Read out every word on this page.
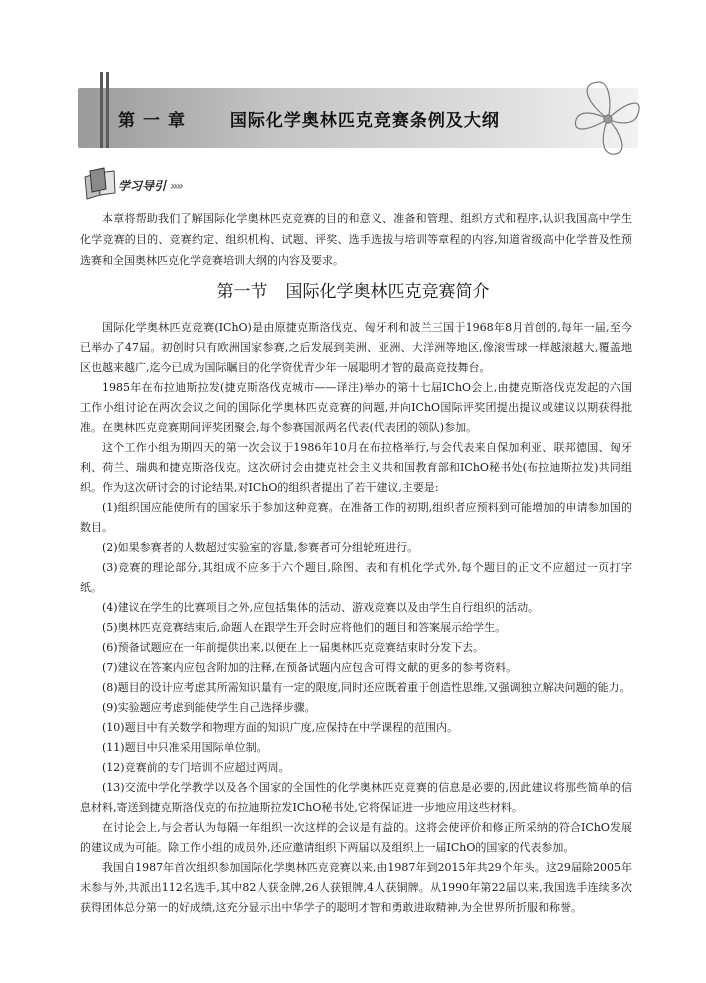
第 一 章	国际化学奥林匹克竞赛条例及大纲
学习导引 »»
本章将帮助我们了解国际化学奥林匹克竞赛的目的和意义、准备和管理、组织方式和程序,认识我国高中学生化学竞赛的目的、竞赛约定、组织机构、试题、评奖、选手选拔与培训等章程的内容,知道省级高中化学普及性预选赛和全国奥林匹克化学竞赛培训大纲的内容及要求。
第一节 国际化学奥林匹克竞赛简介

国际化学奥林匹克竞赛(IChO)是由原捷克斯洛伐克、匈牙利和波兰三国于1968年8月首创的,每年一届,至今已举办了47届。初创时只有欧洲国家参赛,之后发展到美洲、亚洲、大洋洲等地区,像滚雪球一样越滚越大,覆盖地区也越来越广,迄今已成为国际瞩目的化学资优青少年一展聪明才智的最高竞技舞台。

1985年在布拉迪斯拉发(捷克斯洛伐克城市——译注)举办的第十七届IChO会上,由捷克斯洛伐克发起的六国工作小组讨论在两次会议之间的国际化学奥林匹克竞赛的问题,并向IChO国际评奖团提出提议或建议以期获得批准。在奥林匹克竞赛期间评奖团聚会,每个参赛国派两名代表(代表团的领队)参加。

这个工作小组为期四天的第一次会议于1986年10月在布拉格举行,与会代表来自保加利亚、联邦德国、匈牙利、荷兰、瑞典和捷克斯洛伐克。这次研讨会由捷克社会主义共和国教育部和IChO秘书处(布拉迪斯拉发)共同组织。作为这次研讨会的讨论结果,对IChO的组织者提出了若干建议,主要是:

(1)组织国应能使所有的国家乐于参加这种竞赛。在准备工作的初期,组织者应预料到可能增加的申请参加国的数目。

(2)如果参赛者的人数超过实验室的容量,参赛者可分组轮班进行。

(3)竞赛的理论部分,其组成不应多于六个题目,除图、表和有机化学式外,每个题目的正文不应超过一页打字纸。

(4)建议在学生的比赛项目之外,应包括集体的活动、游戏竞赛以及由学生自行组织的活动。

(5)奥林匹克竞赛结束后,命题人在跟学生开会时应将他们的题目和答案展示给学生。

(6)预备试题应在一年前提供出来,以便在上一届奥林匹克竞赛结束时分发下去。

(7)建议在答案内应包含附加的注释,在预备试题内应包含可得文献的更多的参考资料。

(8)题目的设计应考虑其所需知识量有一定的限度,同时还应既着重于创造性思维,又强调独立解决问题的能力。

(9)实验题应考虑到能使学生自己选择步骤。

(10)题目中有关数学和物理方面的知识广度,应保持在中学课程的范围内。

(11)题目中只准采用国际单位制。

(12)竞赛前的专门培训不应超过两周。

(13)交流中学化学教学以及各个国家的全国性的化学奥林匹克竞赛的信息是必要的,因此建议将那些简单的信息材料,寄送到捷克斯洛伐克的布拉迪斯拉发IChO秘书处,它将保证进一步地应用这些材料。

在讨论会上,与会者认为每隔一年组织一次这样的会议是有益的。这将会使评价和修正所采纳的符合IChO发展的建议成为可能。除工作小组的成员外,还应邀请组织下两届以及组织上一届IChO的国家的代表参加。

我国自1987年首次组织参加国际化学奥林匹克竞赛以来,由1987年到2015年共29个年头。这29届除2005年未参与外,共派出112名选手,其中82人获金牌,26人获银牌,4人获铜牌。从1990年第22届以来,我国选手连续多次获得团体总分第一的好成绩,这充分显示出中华学子的聪明才智和勇敢进取精神,为全世界所折服和称誉。
